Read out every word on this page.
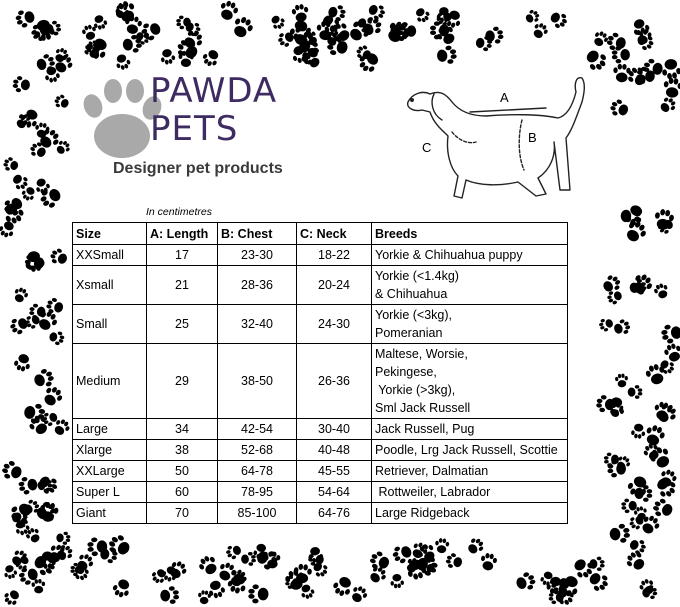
PAWDA
PETS
Designer pet products
A
B
C
In centimetres
Size	A: Length	B: Chest	C: Neck	Breeds
XXSmall	17	23-30	18-22	Yorkie & Chihuahua puppy

Xsmall	21	28-36	20-24	Yorkie (<1.4kg)
& Chihuahua

Small	25	32-40	24-30	Yorkie (<3kg),
Pomeranian

Medium	29	38-50	26-36	Maltese, Worsie,
Pekingese,
Yorkie (>3kg),
Sml Jack Russell

Large	34	42-54	30-40	Jack Russell, Pug

Xlarge	38	52-68	40-48	Poodle, Lrg Jack Russell, Scottie

XXLarge	50	64-78	45-55	Retriever, Dalmatian

Super L	60	78-95	54-64	Rottweiler, Labrador

Giant	70	85-100	64-76	Large Ridgeback
